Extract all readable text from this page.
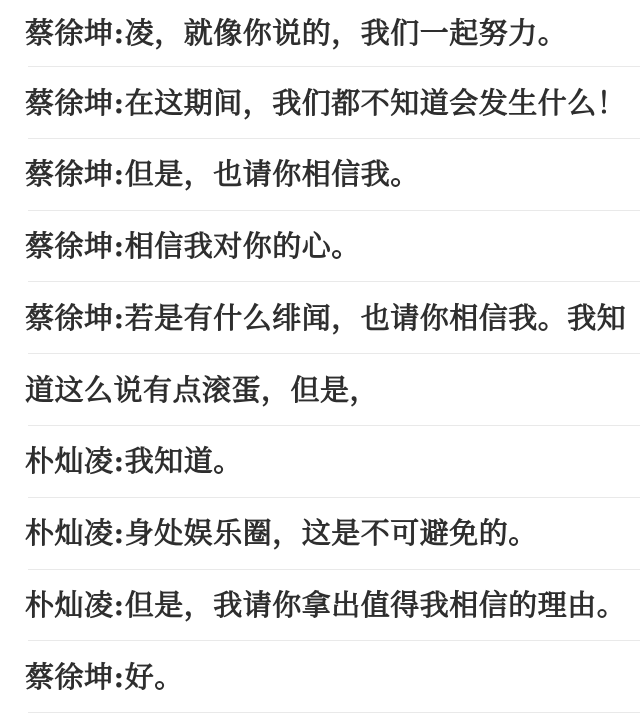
蔡徐坤:凌，就像你说的，我们一起努力。
蔡徐坤:在这期间，我们都不知道会发生什么！
蔡徐坤:但是，也请你相信我。
蔡徐坤:相信我对你的心。
蔡徐坤:若是有什么绯闻，也请你相信我。我知
道这么说有点滚蛋，但是，
朴灿凌:我知道。
朴灿凌:身处娱乐圈，这是不可避免的。
朴灿凌:但是，我请你拿出值得我相信的理由。
蔡徐坤:好。
